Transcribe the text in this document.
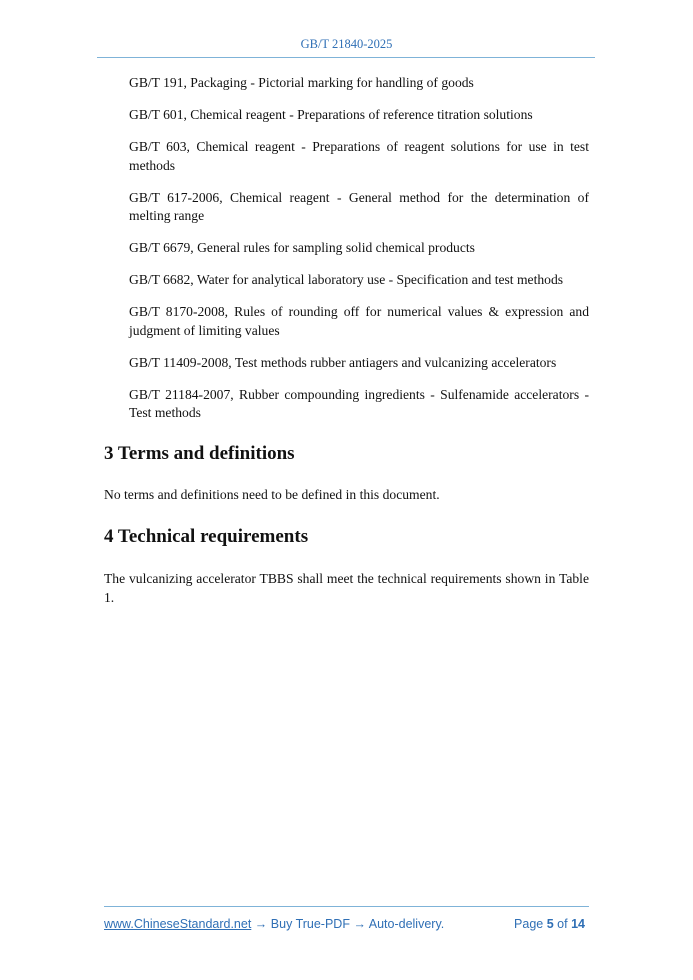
GB/T 21840-2025

GB/T 191, Packaging - Pictorial marking for handling of goods

GB/T 601, Chemical reagent - Preparations of reference titration solutions

GB/T 603, Chemical reagent - Preparations of reagent solutions for use in test methods

GB/T 617-2006, Chemical reagent - General method for the determination of melting range

GB/T 6679, General rules for sampling solid chemical products

GB/T 6682, Water for analytical laboratory use - Specification and test methods

GB/T 8170-2008, Rules of rounding off for numerical values & expression and judgment of limiting values

GB/T 11409-2008, Test methods rubber antiagers and vulcanizing accelerators

GB/T 21184-2007, Rubber compounding ingredients - Sulfenamide accelerators - Test methods

3 Terms and definitions
No terms and definitions need to be defined in this document.
4 Technical requirements
The vulcanizing accelerator TBBS shall meet the technical requirements shown in Table 1.
www.ChineseStandard.net → Buy True-PDF → Auto-delivery.	Page 5 of 14
